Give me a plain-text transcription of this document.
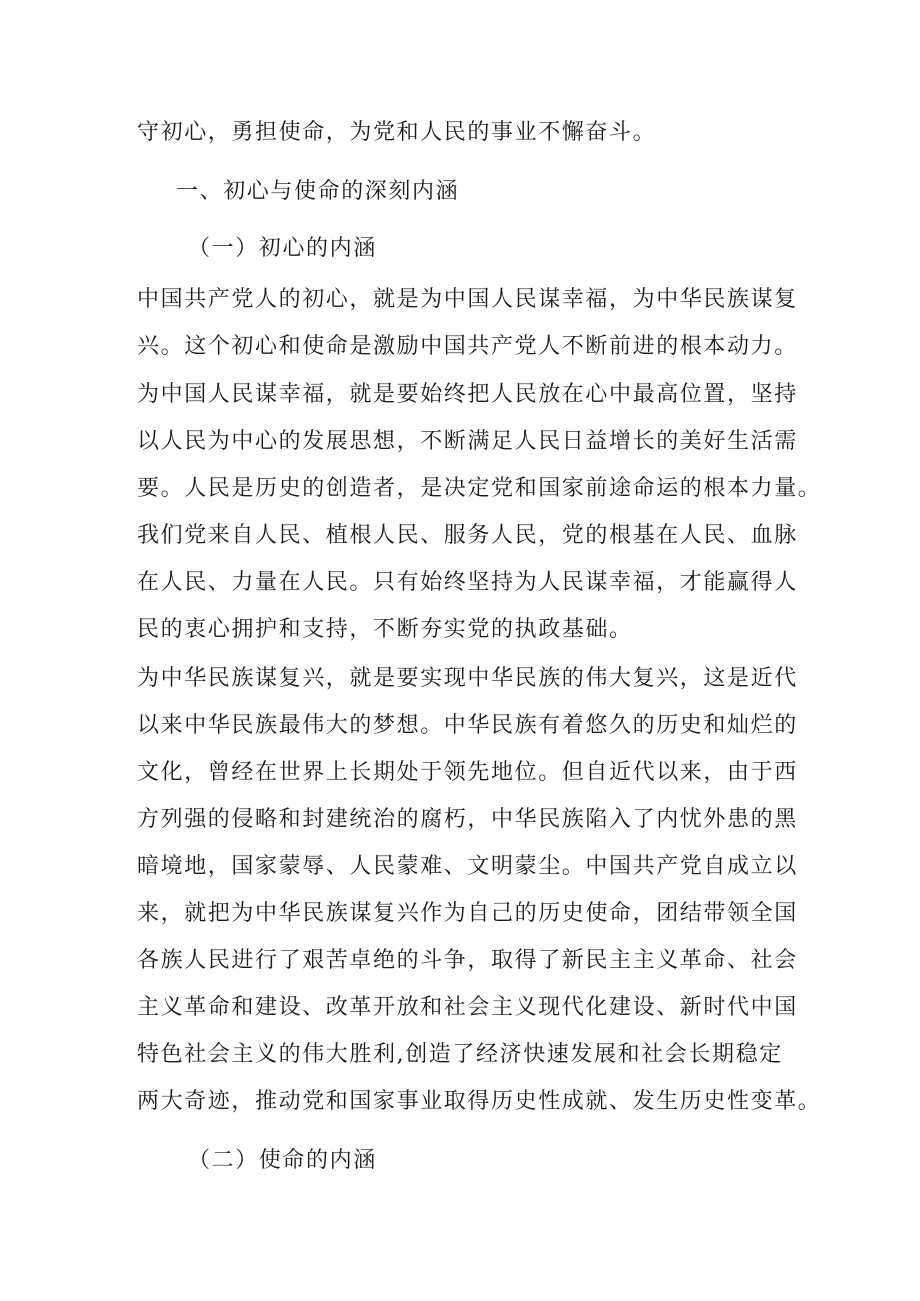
守初心，勇担使命，为党和人民的事业不懈奋斗。
一、初心与使命的深刻内涵
（一）初心的内涵
中国共产党人的初心，就是为中国人民谋幸福，为中华民族谋复
兴。这个初心和使命是激励中国共产党人不断前进的根本动力。
为中国人民谋幸福，就是要始终把人民放在心中最高位置，坚持
以人民为中心的发展思想，不断满足人民日益增长的美好生活需
要。人民是历史的创造者，是决定党和国家前途命运的根本力量。
我们党来自人民、植根人民、服务人民，党的根基在人民、血脉
在人民、力量在人民。只有始终坚持为人民谋幸福，才能赢得人
民的衷心拥护和支持，不断夯实党的执政基础。
为中华民族谋复兴，就是要实现中华民族的伟大复兴，这是近代
以来中华民族最伟大的梦想。中华民族有着悠久的历史和灿烂的
文化，曾经在世界上长期处于领先地位。但自近代以来，由于西
方列强的侵略和封建统治的腐朽，中华民族陷入了内忧外患的黑
暗境地，国家蒙辱、人民蒙难、文明蒙尘。中国共产党自成立以
来，就把为中华民族谋复兴作为自己的历史使命，团结带领全国
各族人民进行了艰苦卓绝的斗争，取得了新民主主义革命、社会
主义革命和建设、改革开放和社会主义现代化建设、新时代中国
特色社会主义的伟大胜利,创造了经济快速发展和社会长期稳定
两大奇迹，推动党和国家事业取得历史性成就、发生历史性变革。
（二）使命的内涵
